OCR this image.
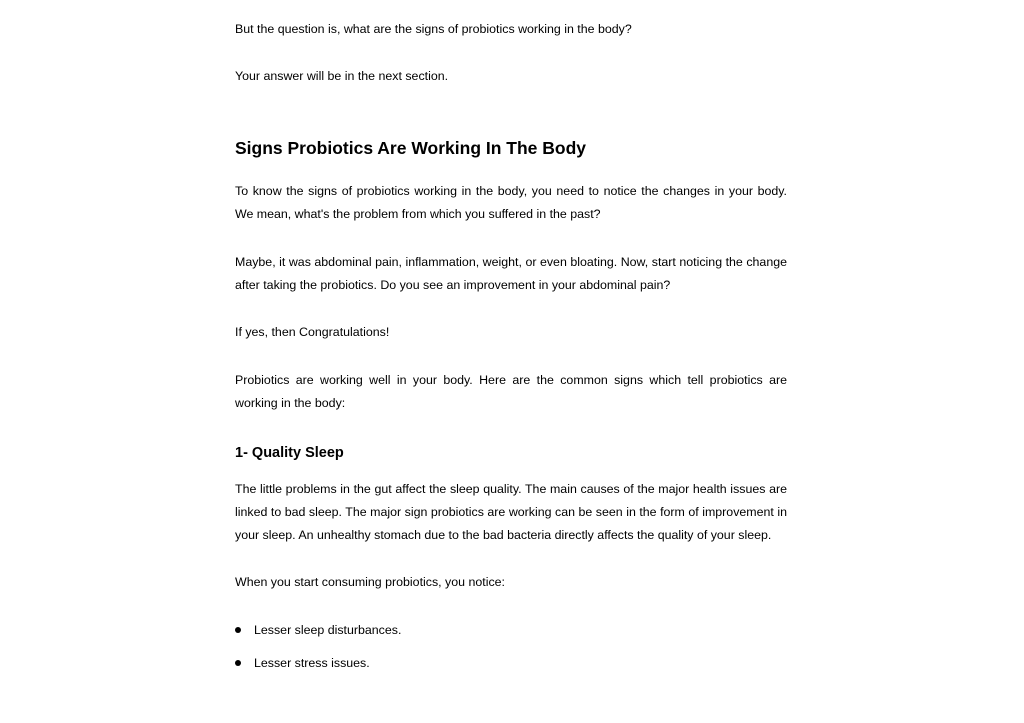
But the question is, what are the signs of probiotics working in the body?

Your answer will be in the next section.

Signs Probiotics Are Working In The Body

To know the signs of probiotics working in the body, you need to notice the changes in your body. We mean, what's the problem from which you suffered in the past?

Maybe, it was abdominal pain, inflammation, weight, or even bloating. Now, start noticing the change after taking the probiotics. Do you see an improvement in your abdominal pain?

If yes, then Congratulations!

Probiotics are working well in your body. Here are the common signs which tell probiotics are working in the body:

1- Quality Sleep

The little problems in the gut affect the sleep quality. The main causes of the major health issues are linked to bad sleep. The major sign probiotics are working can be seen in the form of improvement in your sleep. An unhealthy stomach due to the bad bacteria directly affects the quality of your sleep.

When you start consuming probiotics, you notice:

Lesser sleep disturbances.
Lesser stress issues.
